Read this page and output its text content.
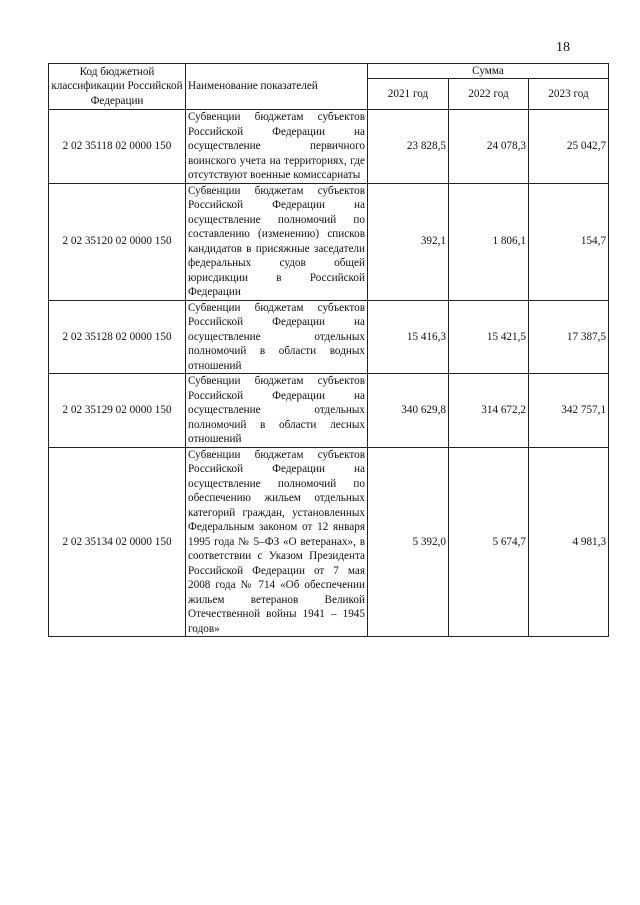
18
Код бюджетной классификации Российской Федерации	Наименование показателей	Сумма		
		2021 год	2022 год	2023 год
2 02 35118 02 0000 150	Субвенции бюджетам субъектов Российской Федерации на осуществление первичного воинского учета на территориях, где отсутствуют военные комиссариаты	23 828,5	24 078,3	25 042,7
2 02 35120 02 0000 150	Субвенции бюджетам субъектов Российской Федерации на осуществление полномочий по составлению (изменению) списков кандидатов в присяжные заседатели федеральных судов общей юрисдикции в Российской Федерации	392,1	1 806,1	154,7
2 02 35128 02 0000 150	Субвенции бюджетам субъектов Российской Федерации на осуществление отдельных полномочий в области водных отношений	15 416,3	15 421,5	17 387,5
2 02 35129 02 0000 150	Субвенции бюджетам субъектов Российской Федерации на осуществление отдельных полномочий в области лесных отношений	340 629,8	314 672,2	342 757,1
2 02 35134 02 0000 150	Субвенции бюджетам субъектов Российской Федерации на осуществление полномочий по обеспечению жильем отдельных категорий граждан, установленных Федеральным законом от 12 января 1995 года № 5–ФЗ «О ветеранах», в соответствии с Указом Президента Российской Федерации от 7 мая 2008 года № 714 «Об обеспечении жильем ветеранов Великой Отечественной войны 1941 – 1945 годов»	5 392,0	5 674,7	4 981,3
